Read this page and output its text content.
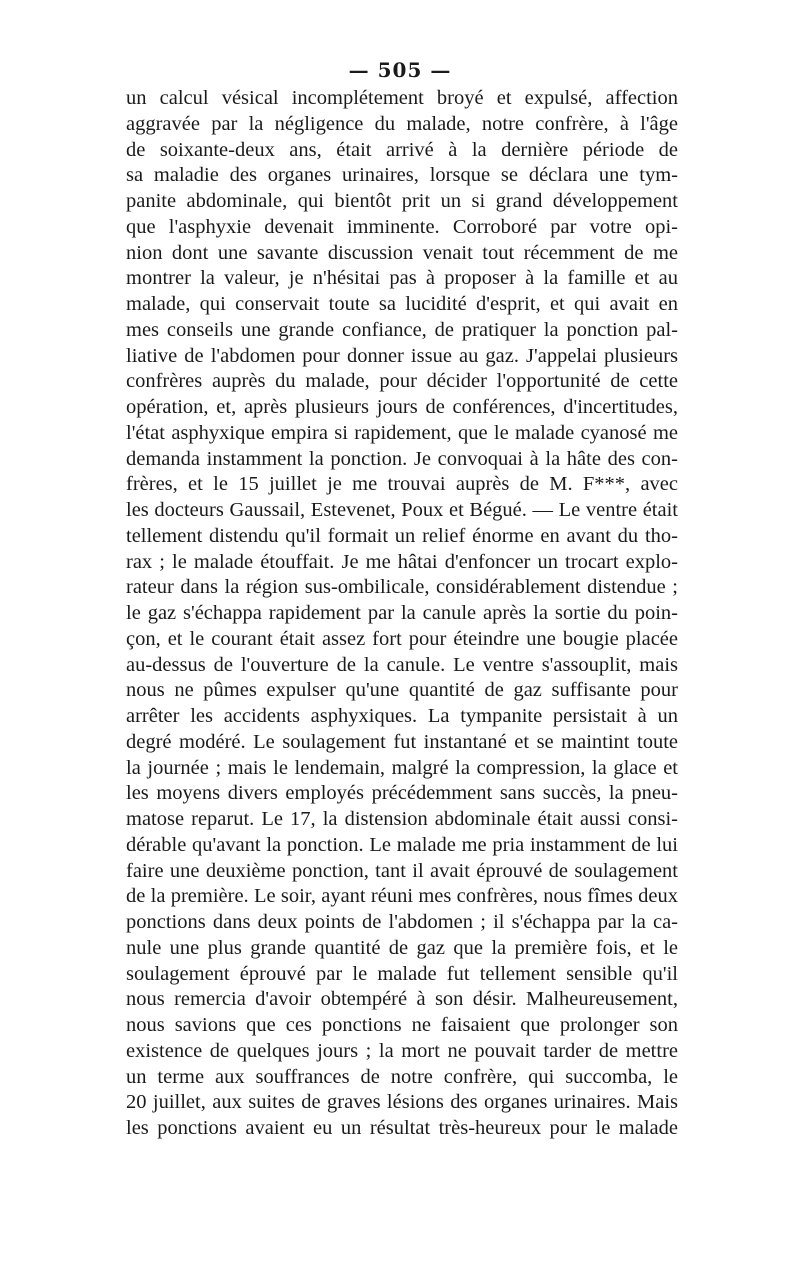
— 505 —
un calcul vésical incomplétement broyé et expulsé, affection
aggravée par la négligence du malade, notre confrère, à l'âge
de soixante-deux ans, était arrivé à la dernière période de
sa maladie des organes urinaires, lorsque se déclara une tym-
panite abdominale, qui bientôt prit un si grand développement
que l'asphyxie devenait imminente. Corroboré par votre opi-
nion dont une savante discussion venait tout récemment de me
montrer la valeur, je n'hésitai pas à proposer à la famille et au
malade, qui conservait toute sa lucidité d'esprit, et qui avait en
mes conseils une grande confiance, de pratiquer la ponction pal-
liative de l'abdomen pour donner issue au gaz. J'appelai plusieurs
confrères auprès du malade, pour décider l'opportunité de cette
opération, et, après plusieurs jours de conférences, d'incertitudes,
l'état asphyxique empira si rapidement, que le malade cyanosé me
demanda instamment la ponction. Je convoquai à la hâte des con-
frères, et le 15 juillet je me trouvai auprès de M. F***, avec
les docteurs Gaussail, Estevenet, Poux et Bégué. — Le ventre était
tellement distendu qu'il formait un relief énorme en avant du tho-
rax ; le malade étouffait. Je me hâtai d'enfoncer un trocart explo-
rateur dans la région sus-ombilicale, considérablement distendue ;
le gaz s'échappa rapidement par la canule après la sortie du poin-
çon, et le courant était assez fort pour éteindre une bougie placée
au-dessus de l'ouverture de la canule. Le ventre s'assouplit, mais
nous ne pûmes expulser qu'une quantité de gaz suffisante pour
arrêter les accidents asphyxiques. La tympanite persistait à un
degré modéré. Le soulagement fut instantané et se maintint toute
la journée ; mais le lendemain, malgré la compression, la glace et
les moyens divers employés précédemment sans succès, la pneu-
matose reparut. Le 17, la distension abdominale était aussi consi-
dérable qu'avant la ponction. Le malade me pria instamment de lui
faire une deuxième ponction, tant il avait éprouvé de soulagement
de la première. Le soir, ayant réuni mes confrères, nous fîmes deux
ponctions dans deux points de l'abdomen ; il s'échappa par la ca-
nule une plus grande quantité de gaz que la première fois, et le
soulagement éprouvé par le malade fut tellement sensible qu'il
nous remercia d'avoir obtempéré à son désir. Malheureusement,
nous savions que ces ponctions ne faisaient que prolonger son
existence de quelques jours ; la mort ne pouvait tarder de mettre
un terme aux souffrances de notre confrère, qui succomba, le
20 juillet, aux suites de graves lésions des organes urinaires. Mais
les ponctions avaient eu un résultat très-heureux pour le malade
